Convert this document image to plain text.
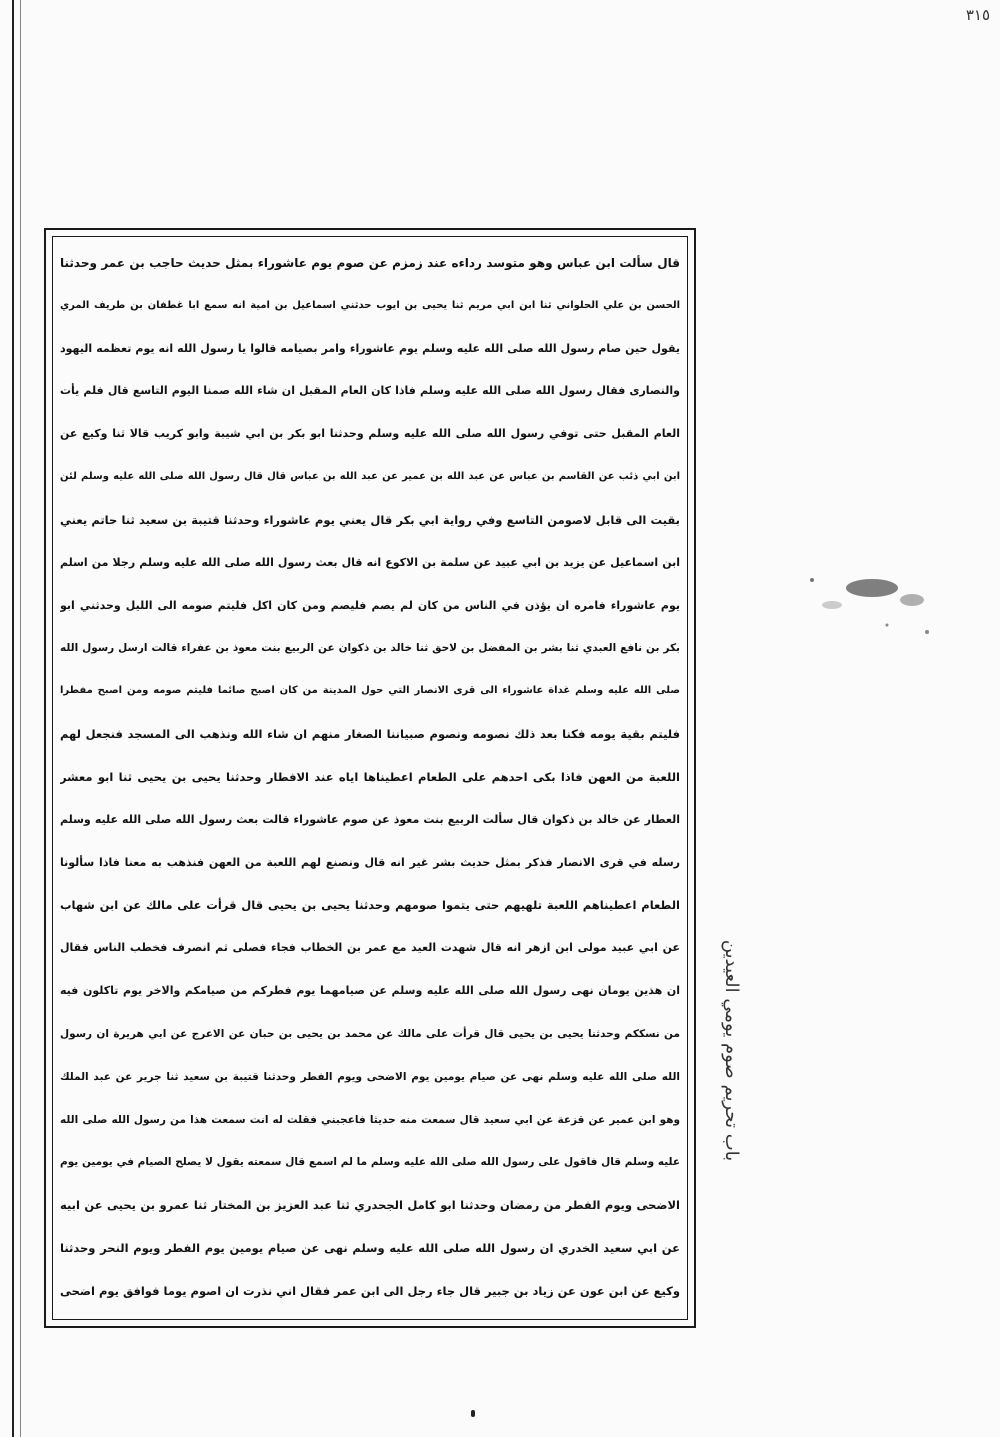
٣١٥
قال سألت ابن عباس وهو متوسد رداءه عند زمزم عن صوم يوم عاشوراء بمثل حديث حاجب بن عمر وحدثنا
الحسن بن علي الحلواني ثنا ابن ابي مريم ثنا يحيى بن ايوب حدثني اسماعيل بن امية انه سمع ابا غطفان بن طريف المري
يقول حين صام رسول الله صلى الله عليه وسلم يوم عاشوراء وامر بصيامه قالوا يا رسول الله انه يوم تعظمه اليهود
والنصارى فقال رسول الله صلى الله عليه وسلم فاذا كان العام المقبل ان شاء الله صمنا اليوم التاسع قال فلم يأت
العام المقبل حتى توفي رسول الله صلى الله عليه وسلم وحدثنا ابو بكر بن ابي شيبة وابو كريب قالا ثنا وكيع عن
ابن ابي ذئب عن القاسم بن عباس عن عبد الله بن عمير عن عبد الله بن عباس قال قال رسول الله صلى الله عليه وسلم لئن
بقيت الى قابل لاصومن التاسع وفي رواية ابي بكر قال يعني يوم عاشوراء وحدثنا قتيبة بن سعيد ثنا حاتم يعني
ابن اسماعيل عن يزيد بن ابي عبيد عن سلمة بن الاكوع انه قال بعث رسول الله صلى الله عليه وسلم رجلا من اسلم
يوم عاشوراء فامره ان يؤذن في الناس من كان لم يصم فليصم ومن كان اكل فليتم صومه الى الليل وحدثني ابو
بكر بن نافع العبدي ثنا بشر بن المفضل بن لاحق ثنا خالد بن ذكوان عن الربيع بنت معوذ بن عفراء قالت ارسل رسول الله
صلى الله عليه وسلم غداة عاشوراء الى قرى الانصار التي حول المدينة من كان اصبح صائما فليتم صومه ومن اصبح مفطرا
فليتم بقية يومه فكنا بعد ذلك نصومه ونصوم صبياننا الصغار منهم ان شاء الله ونذهب الى المسجد فنجعل لهم
اللعبة من العهن فاذا بكى احدهم على الطعام اعطيناها اياه عند الافطار وحدثنا يحيى بن يحيى ثنا ابو معشر
العطار عن خالد بن ذكوان قال سألت الربيع بنت معوذ عن صوم عاشوراء قالت بعث رسول الله صلى الله عليه وسلم
رسله في قرى الانصار فذكر بمثل حديث بشر غير انه قال ونصنع لهم اللعبة من العهن فنذهب به معنا فاذا سألونا
الطعام اعطيناهم اللعبة تلهيهم حتى يتموا صومهم وحدثنا يحيى بن يحيى قال قرأت على مالك عن ابن شهاب
عن ابي عبيد مولى ابن ازهر انه قال شهدت العيد مع عمر بن الخطاب فجاء فصلى ثم انصرف فخطب الناس فقال
ان هذين يومان نهى رسول الله صلى الله عليه وسلم عن صيامهما يوم فطركم من صيامكم والاخر يوم تاكلون فيه
من نسككم وحدثنا يحيى بن يحيى قال قرأت على مالك عن محمد بن يحيى بن حبان عن الاعرج عن ابي هريرة ان رسول
الله صلى الله عليه وسلم نهى عن صيام يومين يوم الاضحى ويوم الفطر وحدثنا قتيبة بن سعيد ثنا جرير عن عبد الملك
وهو ابن عمير عن قزعة عن ابي سعيد قال سمعت منه حديثا فاعجبني فقلت له انت سمعت هذا من رسول الله صلى الله
عليه وسلم قال فاقول على رسول الله صلى الله عليه وسلم ما لم اسمع قال سمعته يقول لا يصلح الصيام في يومين يوم
الاضحى ويوم الفطر من رمضان وحدثنا ابو كامل الجحدري ثنا عبد العزيز بن المختار ثنا عمرو بن يحيى عن ابيه
عن ابي سعيد الخدري ان رسول الله صلى الله عليه وسلم نهى عن صيام يومين يوم الفطر ويوم النحر وحدثنا
وكيع عن ابن عون عن زياد بن جبير قال جاء رجل الى ابن عمر فقال اني نذرت ان اصوم يوما فوافق يوم اضحى
باب تحريم صوم يومي العيدين
